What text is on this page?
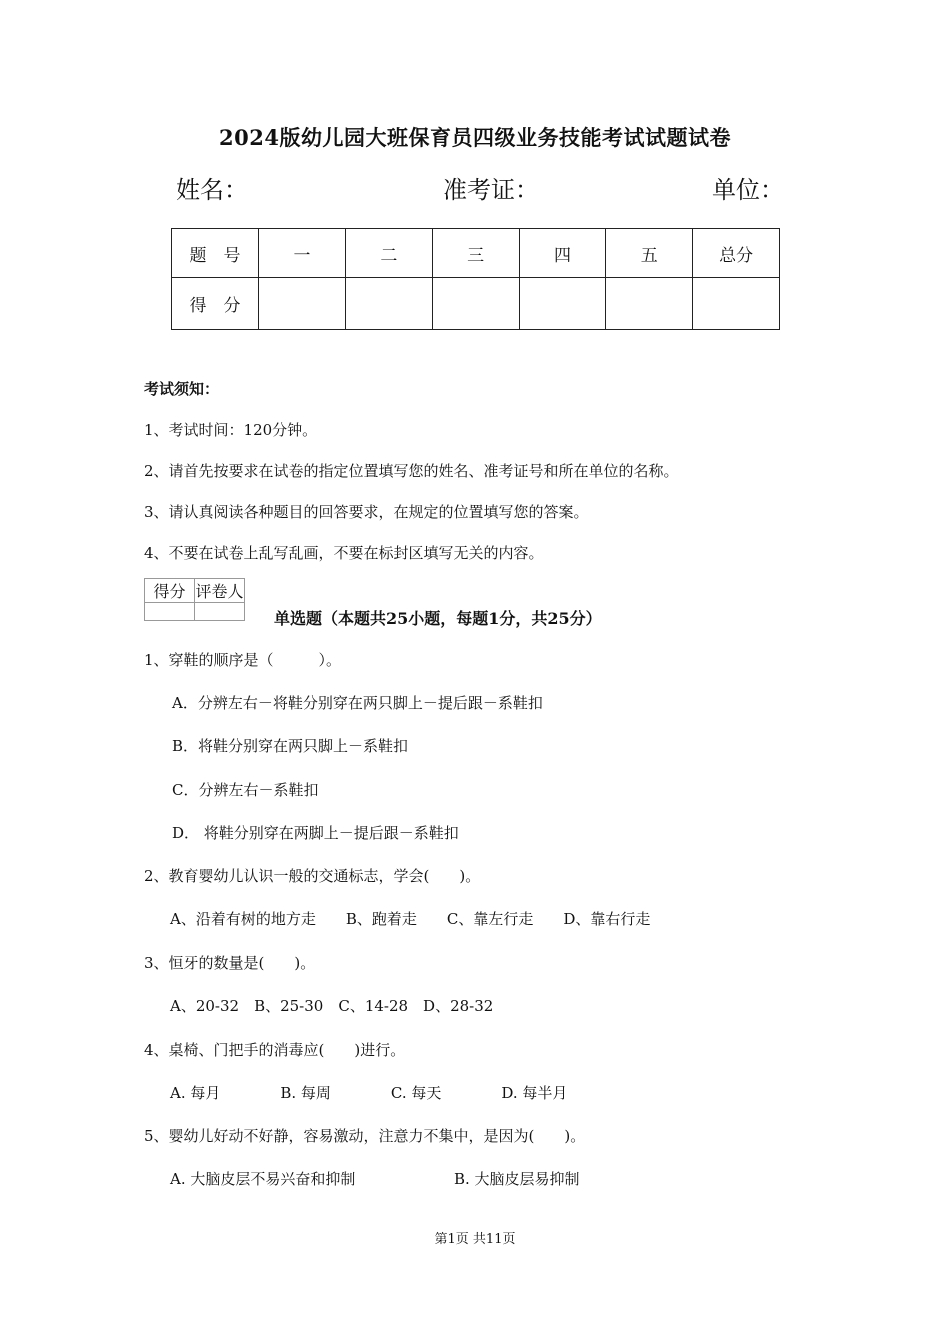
2024版幼儿园大班保育员四级业务技能考试试题试卷
姓名：	准考证：	单位：
题　号	一	二	三	四	五	总分
得　分						
考试须知：
1、考试时间：120分钟。
2、请首先按要求在试卷的指定位置填写您的姓名、准考证号和所在单位的名称。
3、请认真阅读各种题目的回答要求，在规定的位置填写您的答案。
4、不要在试卷上乱写乱画，不要在标封区填写无关的内容。
得分	评卷人

单选题（本题共25小题，每题1分，共25分）
1、穿鞋的顺序是（　　　）。
A．分辨左右－将鞋分别穿在两只脚上－提后跟－系鞋扣
B．将鞋分别穿在两只脚上－系鞋扣
C．分辨左右－系鞋扣
D． 将鞋分别穿在两脚上－提后跟－系鞋扣
2、教育婴幼儿认识一般的交通标志，学会(　　)。
A、沿着有树的地方走　　B、跑着走　　C、靠左行走　　D、靠右行走
3、恒牙的数量是(　　)。
A、20-32　B、25-30　C、14-28　D、28-32
4、桌椅、门把手的消毒应(　　)进行。
A. 每月　　　　B. 每周　　　　C. 每天　　　　D. 每半月
5、婴幼儿好动不好静，容易激动，注意力不集中，是因为(　　)。
A. 大脑皮层不易兴奋和抑制	B. 大脑皮层易抑制
第1页 共11页
